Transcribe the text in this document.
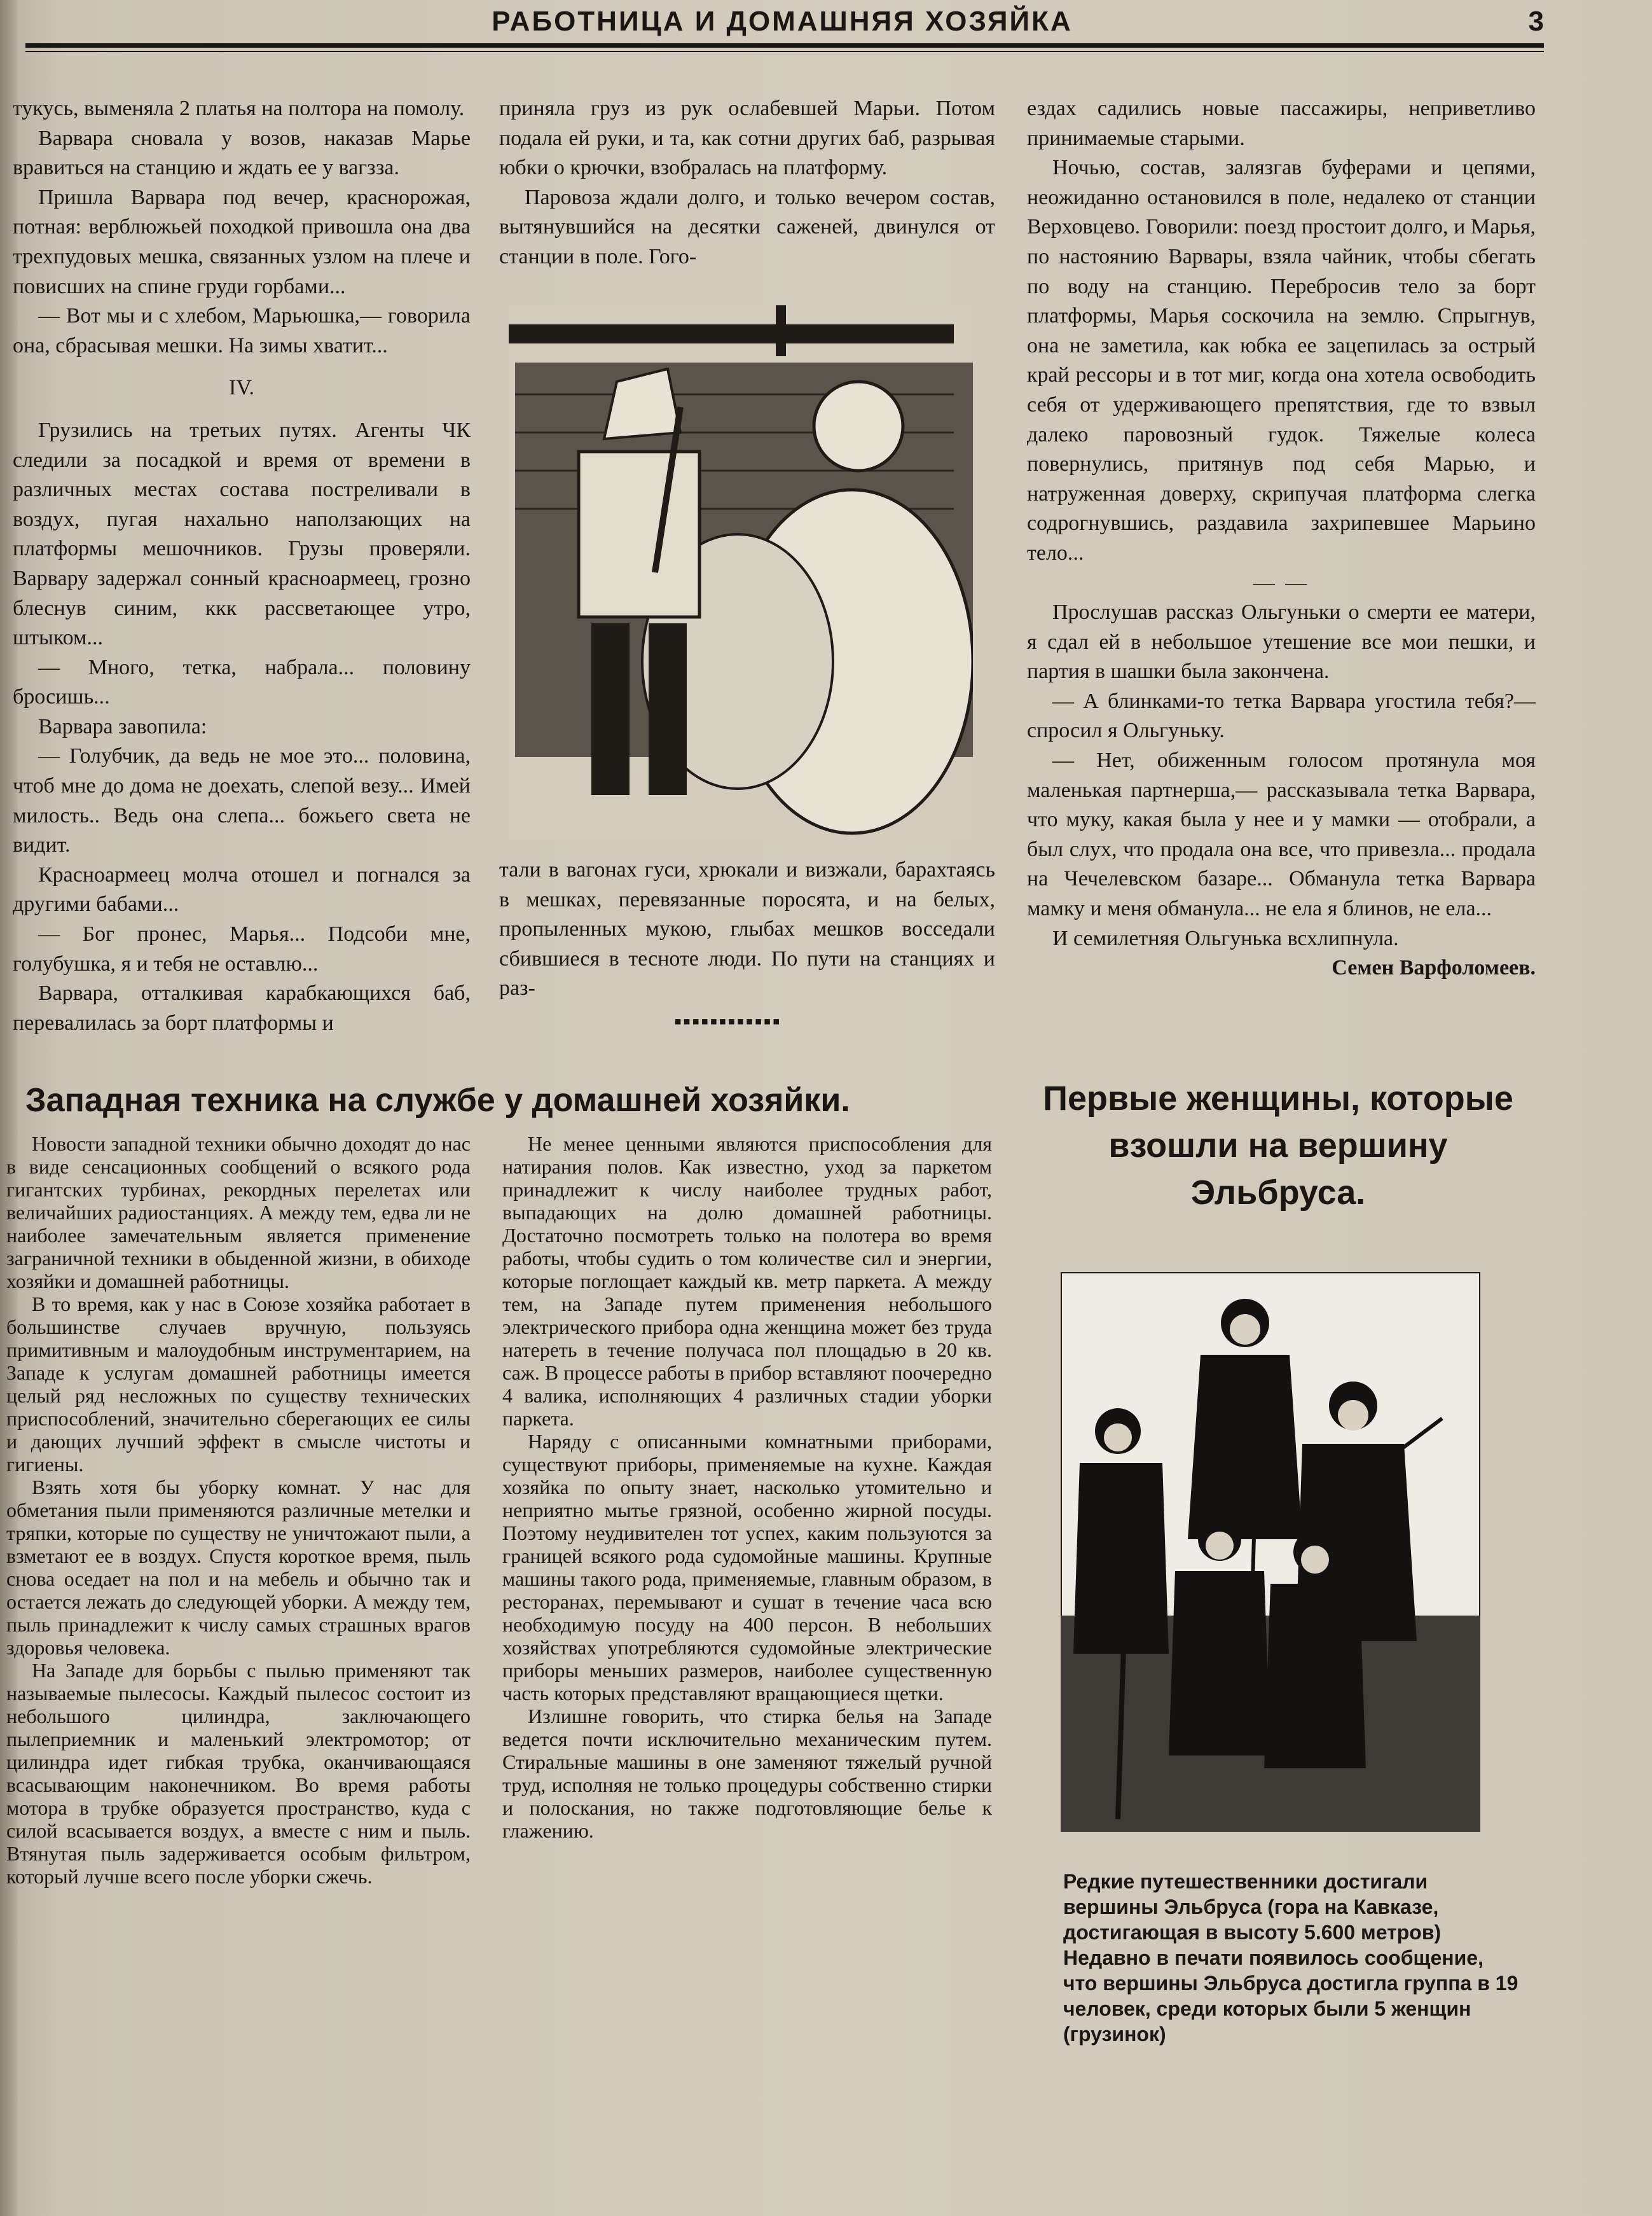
РАБОТНИЦА И ДОМАШНЯЯ ХОЗЯЙКА	3

тукусь, выменяла 2 платья на полтора на помолу.

Варвара сновала у возов, наказав Марье вравиться на станцию и ждать ее у вагзза.

Пришла Варвара под вечер, краснорожая, потная: верблюжьей походкой привошла она два трехпудовых мешка, связанных узлом на плече и повисших на спине груди горбами...

— Вот мы и с хлебом, Марьюшка,— говорила она, сбрасывая мешки. На зимы хватит...

IV.

Грузились на третьих путях. Агенты ЧК следили за посадкой и время от времени в различных местах состава постреливали в воздух, пугая нахально наползающих на платформы мешочников. Грузы проверяли. Варвару задержал сонный красноармеец, грозно блеснув синим, ккк рассветающее утро, штыком...

— Много, тетка, набрала... половину бросишь...

Варвара завопила:

— Голубчик, да ведь не мое это... половина, чтоб мне до дома не доехать, слепой везу... Имей милость.. Ведь она слепа... божьего света не видит.

Красноармеец молча отошел и погнался за другими бабами...

— Бог пронес, Марья... Подсоби мне, голубушка, я и тебя не оставлю...

Варвара, отталкивая карабкающихся баб, перевалилась за борт платформы и

приняла груз из рук ослабевшей Марьи. Потом подала ей руки, и та, как сотни других баб, разрывая юбки о крючки, взобралась на платформу.

Паровоза ждали долго, и только вечером состав, вытянувшийся на десятки саженей, двинулся от станции в поле. Гого-

тали в вагонах гуси, хрюкали и визжали, барахтаясь в мешках, перевязанные поросята, и на белых, пропыленных мукою, глыбах мешков восседали сбившиеся в тесноте люди. По пути на станциях и раз-

ездах садились новые пассажиры, неприветливо принимаемые старыми.

Ночью, состав, залязгав буферами и цепями, неожиданно остановился в поле, недалеко от станции Верховцево. Говорили: поезд простоит долго, и Марья, по настоянию Варвары, взяла чайник, чтобы сбегать по воду на станцию. Перебросив тело за борт платформы, Марья соскочила на землю. Спрыгнув, она не заметила, как юбка ее зацепилась за острый край рессоры и в тот миг, когда она хотела освободить себя от удерживающего препятствия, где то взвыл далеко паровозный гудок. Тяжелые колеса повернулись, притянув под себя Марью, и натруженная доверху, скрипучая платформа слегка содрогнувшись, раздавила захрипевшее Марьино тело...

— —

Прослушав рассказ Ольгуньки о смерти ее матери, я сдал ей в небольшое утешение все мои пешки, и партия в шашки была закончена.

— А блинками-то тетка Варвара угостила тебя?— спросил я Ольгуньку.

— Нет, обиженным голосом протянула моя маленькая партнерша,— рассказывала тетка Варвара, что муку, какая была у нее и у мамки — отобрали, а был слух, что продала она все, что привезла... продала на Чечелевском базаре... Обманула тетка Варвара мамку и меня обманула... не ела я блинов, не ела...

И семилетняя Ольгунька всхлипнула.

Семен Варфоломеев.

▪▪▪▪▪▪▪▪▪▪▪▪
Западная техника на службе у домашней хозяйки.

Новости западной техники обычно доходят до нас в виде сенсационных сообщений о всякого рода гигантских турбинах, рекордных перелетах или величайших радиостанциях. А между тем, едва ли не наиболее замечательным является применение заграничной техники в обыденной жизни, в обиходе хозяйки и домашней работницы.

В то время, как у нас в Союзе хозяйка работает в большинстве случаев вручную, пользуясь примитивным и малоудобным инструментарием, на Западе к услугам домашней работницы имеется целый ряд несложных по существу технических приспособлений, значительно сберегающих ее силы и дающих лучший эффект в смысле чистоты и гигиены.

Взять хотя бы уборку комнат. У нас для обметания пыли применяются различные метелки и тряпки, которые по существу не уничтожают пыли, а взметают ее в воздух. Спустя короткое время, пыль снова оседает на пол и на мебель и обычно так и остается лежать до следующей уборки. А между тем, пыль принадлежит к числу самых страшных врагов здоровья человека.

На Западе для борьбы с пылью применяют так называемые пылесосы. Каждый пылесос состоит из небольшого цилиндра, заключающего пылеприемник и маленький электромотор; от цилиндра идет гибкая трубка, оканчивающаяся всасывающим наконечником. Во время работы мотора в трубке образуется пространство, куда с силой всасывается воздух, а вместе с ним и пыль. Втянутая пыль задерживается особым фильтром, который лучше всего после уборки сжечь.

Не менее ценными являются приспособления для натирания полов. Как известно, уход за паркетом принадлежит к числу наиболее трудных работ, выпадающих на долю домашней работницы. Достаточно посмотреть только на полотера во время работы, чтобы судить о том количестве сил и энергии, которые поглощает каждый кв. метр паркета. А между тем, на Западе путем применения небольшого электрического прибора одна женщина может без труда натереть в течение получаса пол площадью в 20 кв. саж. В процессе работы в прибор вставляют поочередно 4 валика, исполняющих 4 различных стадии уборки паркета.

Наряду с описанными комнатными приборами, существуют приборы, применяемые на кухне. Каждая хозяйка по опыту знает, насколько утомительно и неприятно мытье грязной, особенно жирной посуды. Поэтому неудивителен тот успех, каким пользуются за границей всякого рода судомойные машины. Крупные машины такого рода, применяемые, главным образом, в ресторанах, перемывают и сушат в течение часа всю необходимую посуду на 400 персон. В небольших хозяйствах употребляются судомойные электрические приборы меньших размеров, наиболее существенную часть которых представляют вращающиеся щетки.

Излишне говорить, что стирка белья на Западе ведется почти исключительно механическим путем. Стиральные машины в оне заменяют тяжелый ручной труд, исполняя не только процедуры собственно стирки и полоскания, но также подготовляющие белье к глажению.

Первые женщины, которые взошли на вершину Эльбруса.
Редкие путешественники достигали вершины Эльбруса (гора на Кавказе, достигающая в высоту 5.600 метров) Недавно в печати появилось сообщение, что вершины Эльбруса достигла группа в 19 человек, среди которых были 5 женщин (грузинок)
